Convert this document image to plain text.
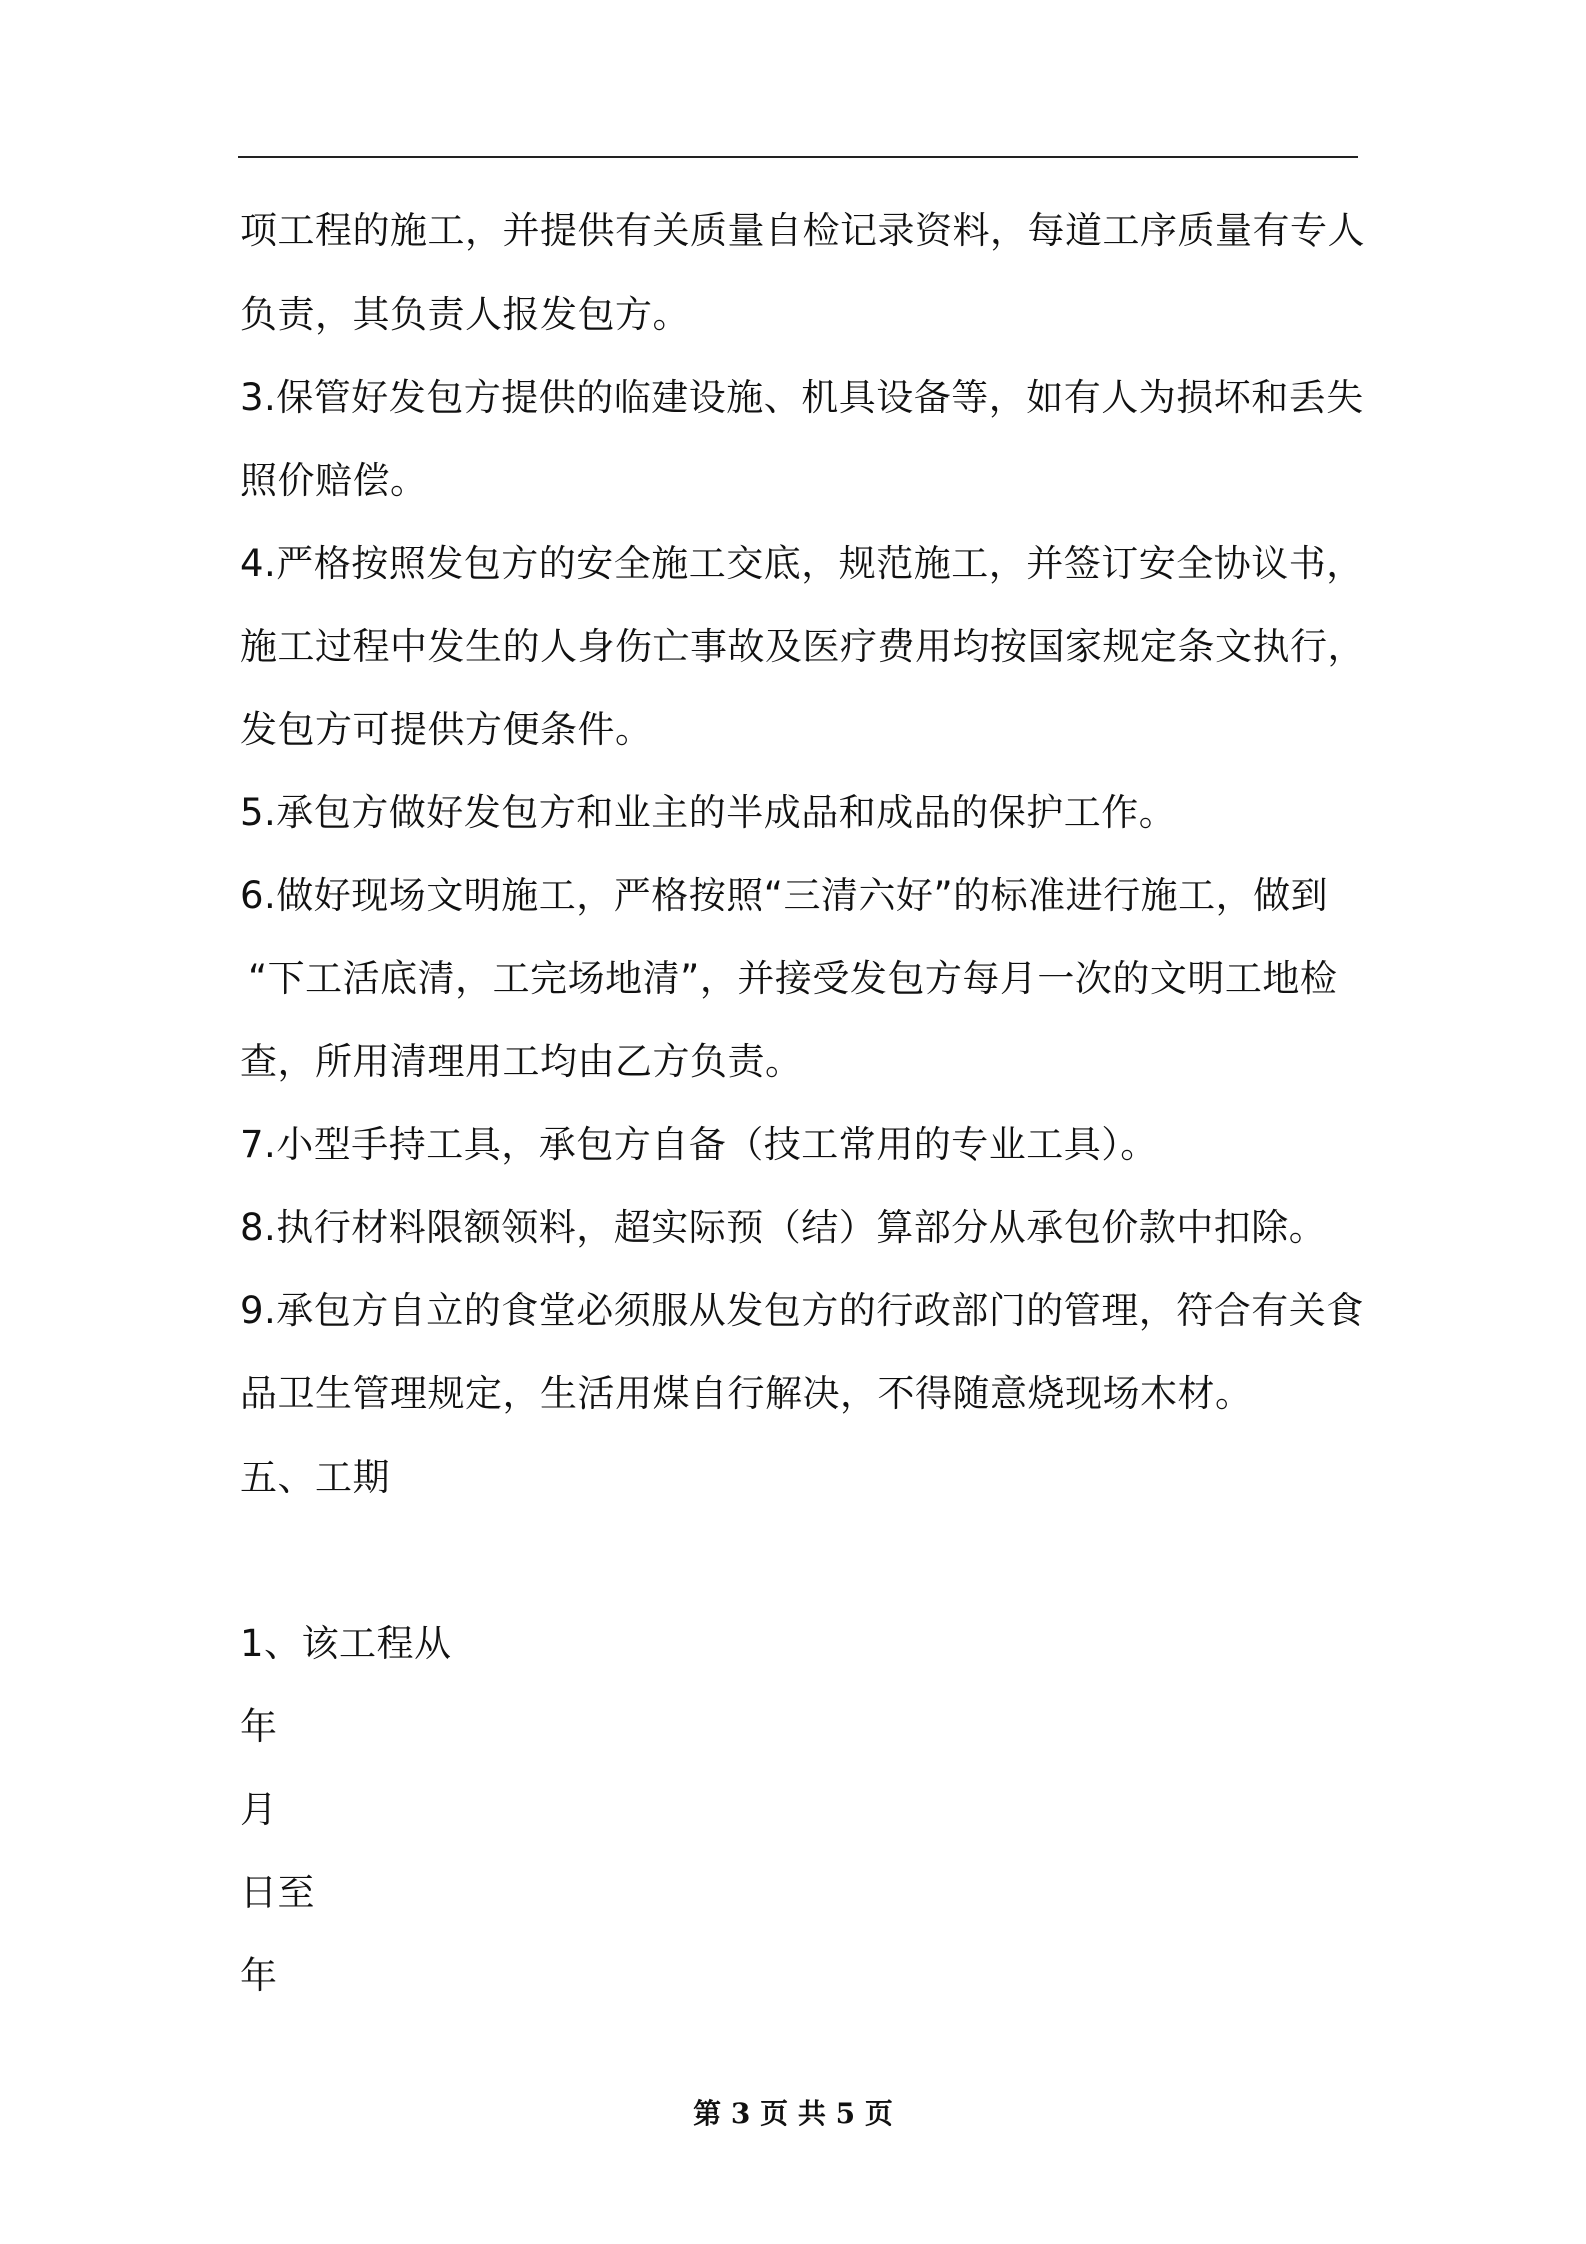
项工程的施工，并提供有关质量自检记录资料，每道工序质量有专人
负责，其负责人报发包方。
3.保管好发包方提供的临建设施、机具设备等，如有人为损坏和丢失
照价赔偿。
4.严格按照发包方的安全施工交底，规范施工，并签订安全协议书，
施工过程中发生的人身伤亡事故及医疗费用均按国家规定条文执行，
发包方可提供方便条件。
5.承包方做好发包方和业主的半成品和成品的保护工作。
6.做好现场文明施工，严格按照“三清六好”的标准进行施工，做到
“下工活底清，工完场地清”，并接受发包方每月一次的文明工地检
查，所用清理用工均由乙方负责。
7.小型手持工具，承包方自备（技工常用的专业工具）。
8.执行材料限额领料，超实际预（结）算部分从承包价款中扣除。
9.承包方自立的食堂必须服从发包方的行政部门的管理，符合有关食
品卫生管理规定，生活用煤自行解决，不得随意烧现场木材。
五、工期
1、该工程从
年
月
日至
年
第 3 页 共 5 页
